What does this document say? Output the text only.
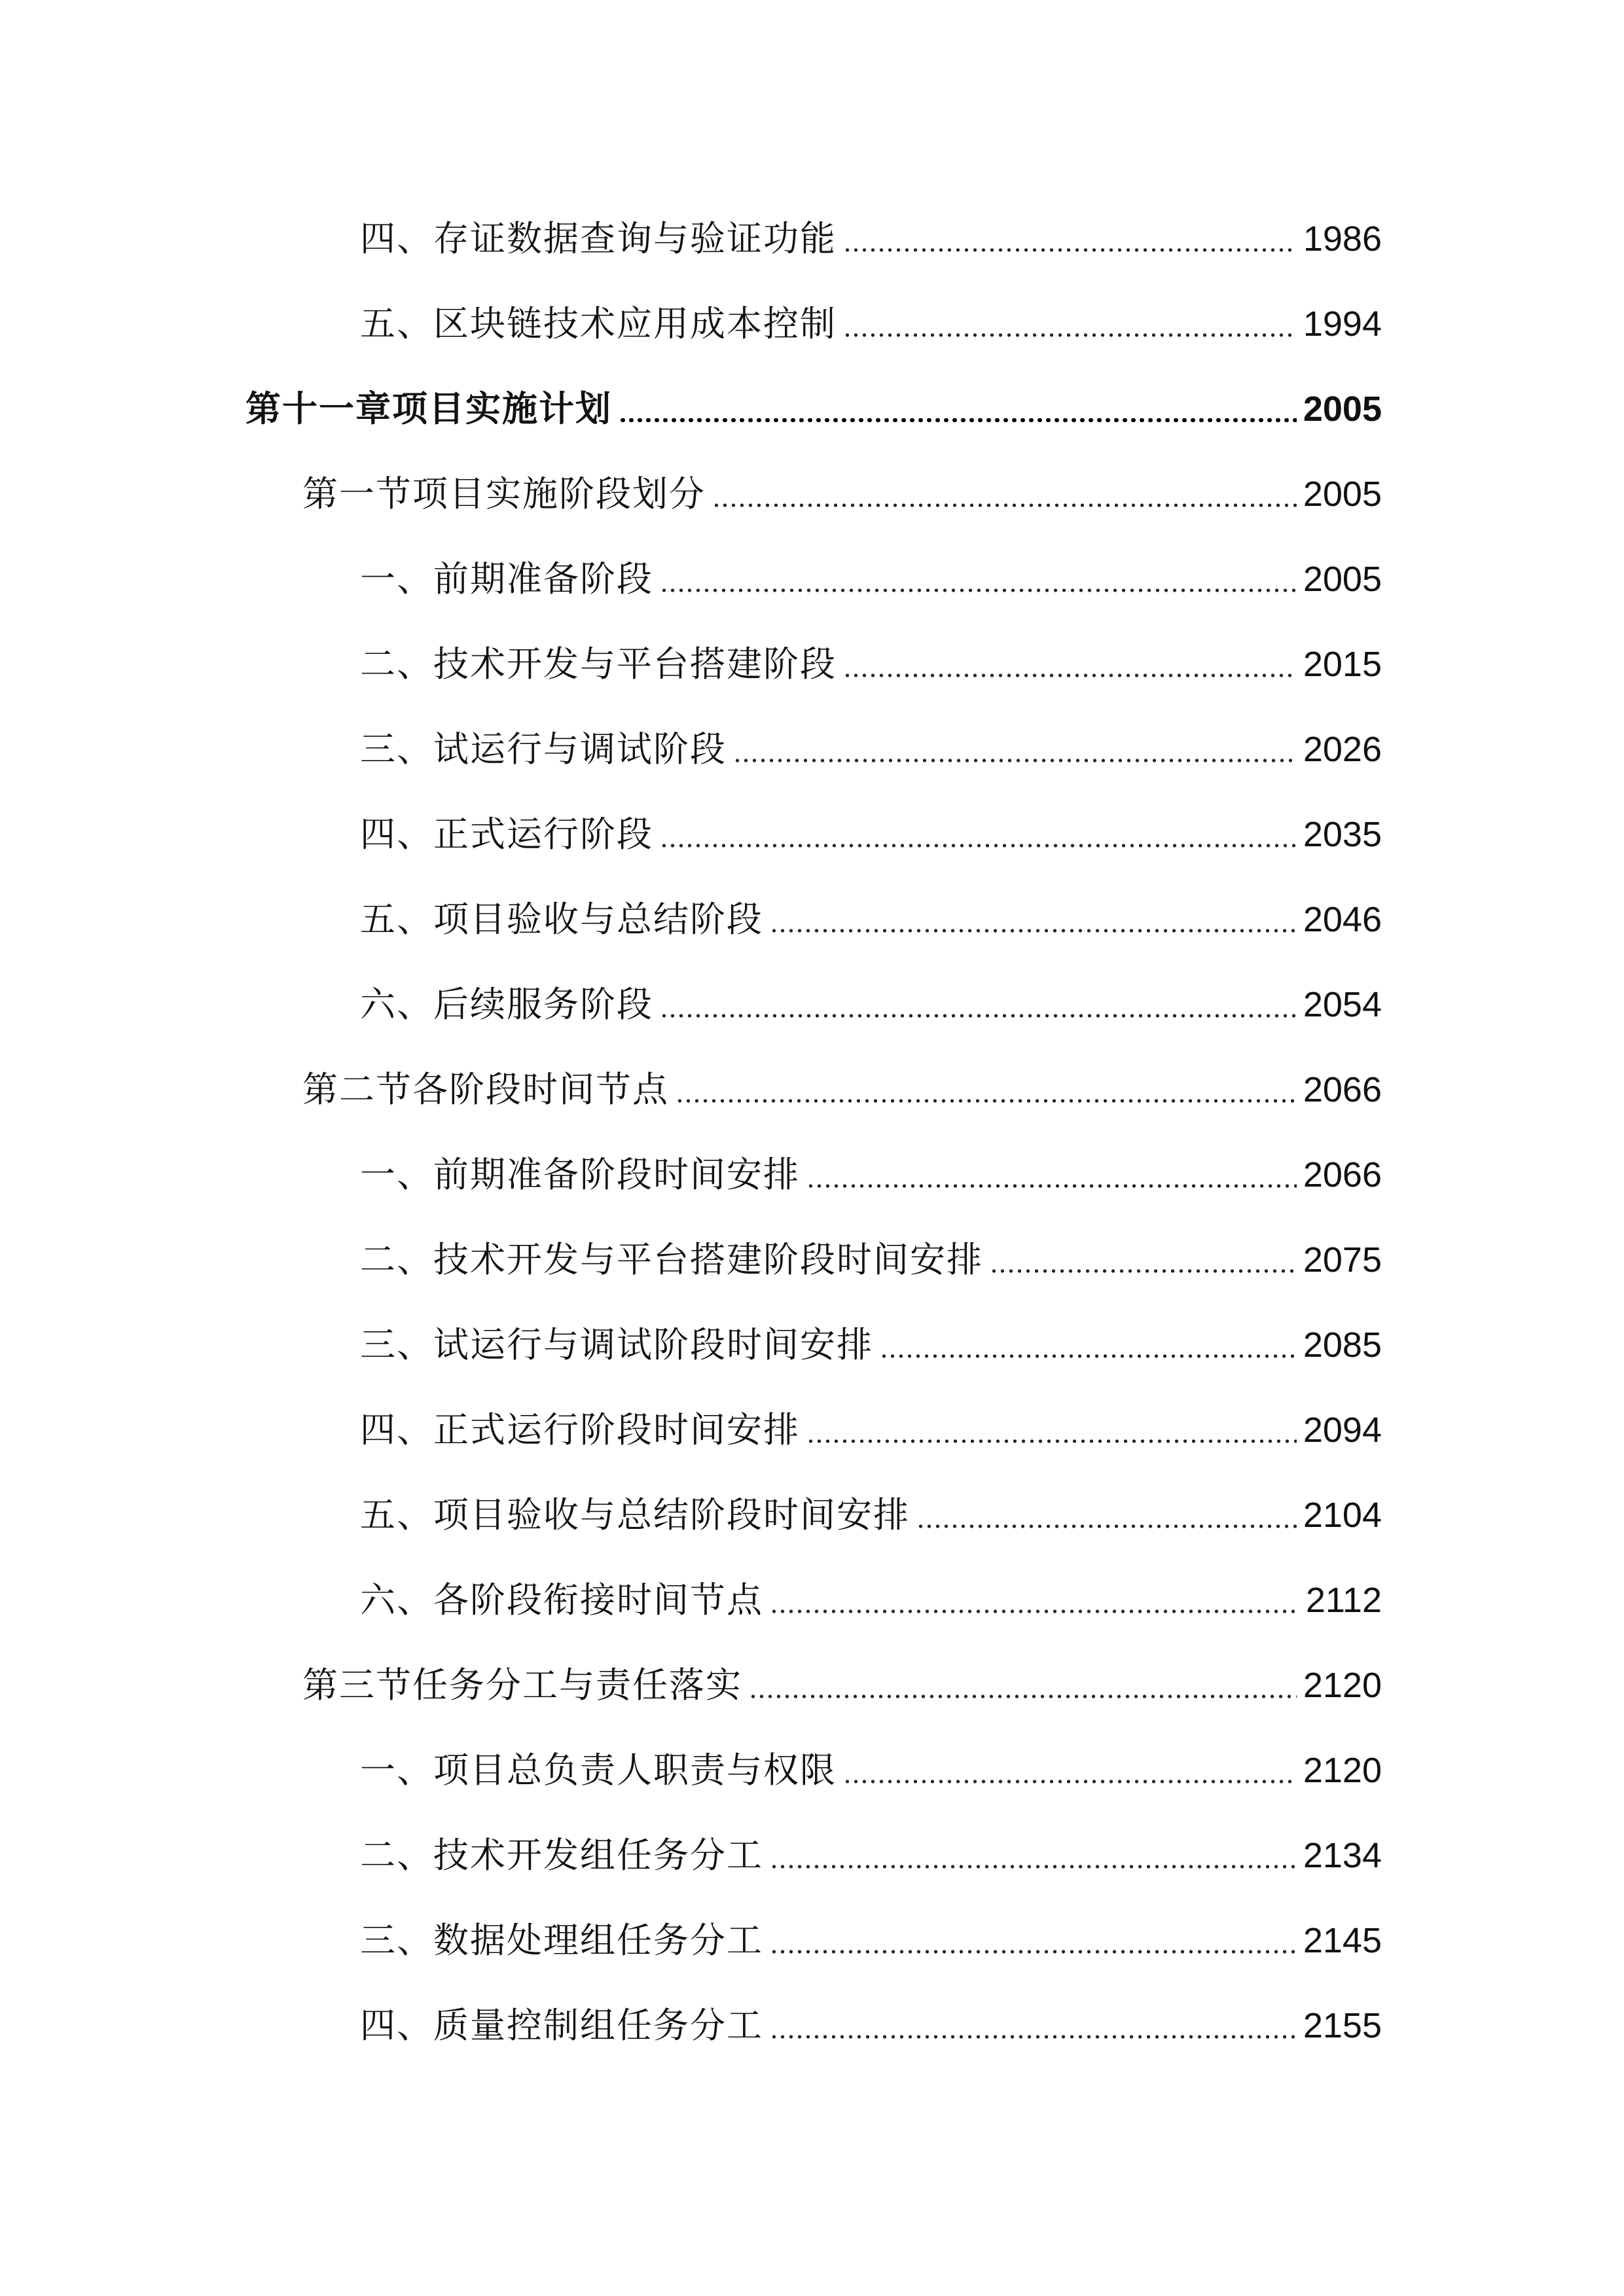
四、存证数据查询与验证功能	1986
五、区块链技术应用成本控制	1994
第十一章项目实施计划	2005
第一节项目实施阶段划分	2005
一、前期准备阶段	2005
二、技术开发与平台搭建阶段	2015
三、试运行与调试阶段	2026
四、正式运行阶段	2035
五、项目验收与总结阶段	2046
六、后续服务阶段	2054
第二节各阶段时间节点	2066
一、前期准备阶段时间安排	2066
二、技术开发与平台搭建阶段时间安排	2075
三、试运行与调试阶段时间安排	2085
四、正式运行阶段时间安排	2094
五、项目验收与总结阶段时间安排	2104
六、各阶段衔接时间节点	2112
第三节任务分工与责任落实	2120
一、项目总负责人职责与权限	2120
二、技术开发组任务分工	2134
三、数据处理组任务分工	2145
四、质量控制组任务分工	2155
